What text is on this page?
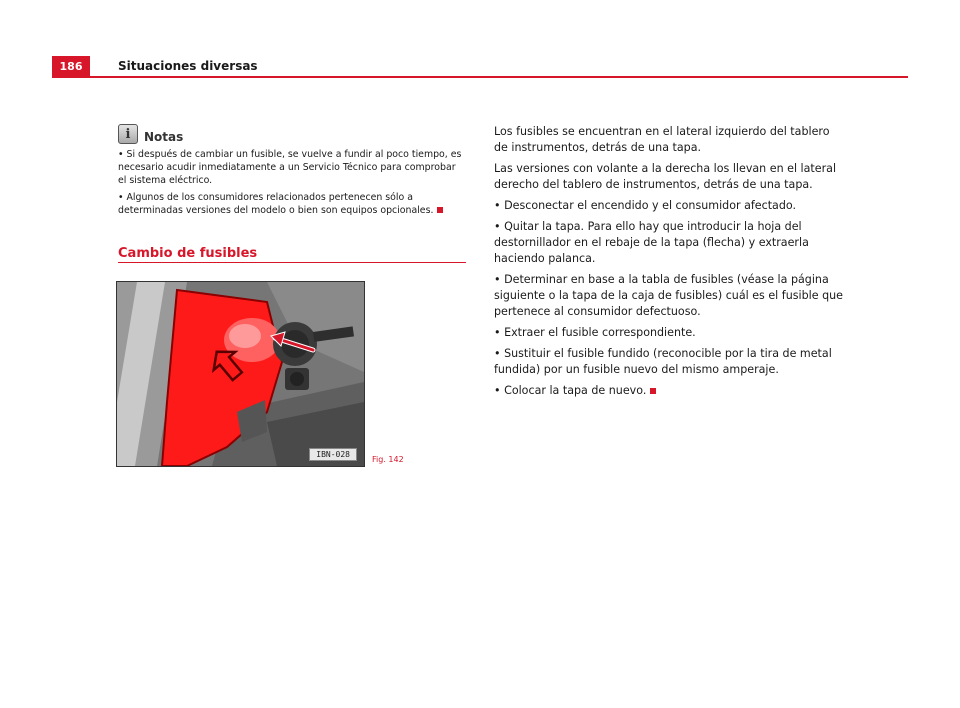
186	Situaciones diversas
i	Notas

• Si después de cambiar un fusible, se vuelve a fundir al poco tiempo, es necesario acudir inmediatamente a un Servicio Técnico para comprobar el sistema eléctrico.

• Algunos de los consumidores relacionados pertenecen sólo a determinadas versiones del modelo o bien son equipos opcionales.

Cambio de fusibles
IBN-028
Fig. 142

Los fusibles se encuentran en el lateral izquierdo del tablero de instrumentos, detrás de una tapa.

Las versiones con volante a la derecha los llevan en el lateral derecho del tablero de instrumentos, detrás de una tapa.

• Desconectar el encendido y el consumidor afectado.

• Quitar la tapa. Para ello hay que introducir la hoja del destornillador en el rebaje de la tapa (flecha) y extraerla haciendo palanca.

• Determinar en base a la tabla de fusibles (véase la página siguiente o la tapa de la caja de fusibles) cuál es el fusible que pertenece al consumidor defectuoso.

• Extraer el fusible correspondiente.

• Sustituir el fusible fundido (reconocible por la tira de metal fundida) por un fusible nuevo del mismo amperaje.

• Colocar la tapa de nuevo.
